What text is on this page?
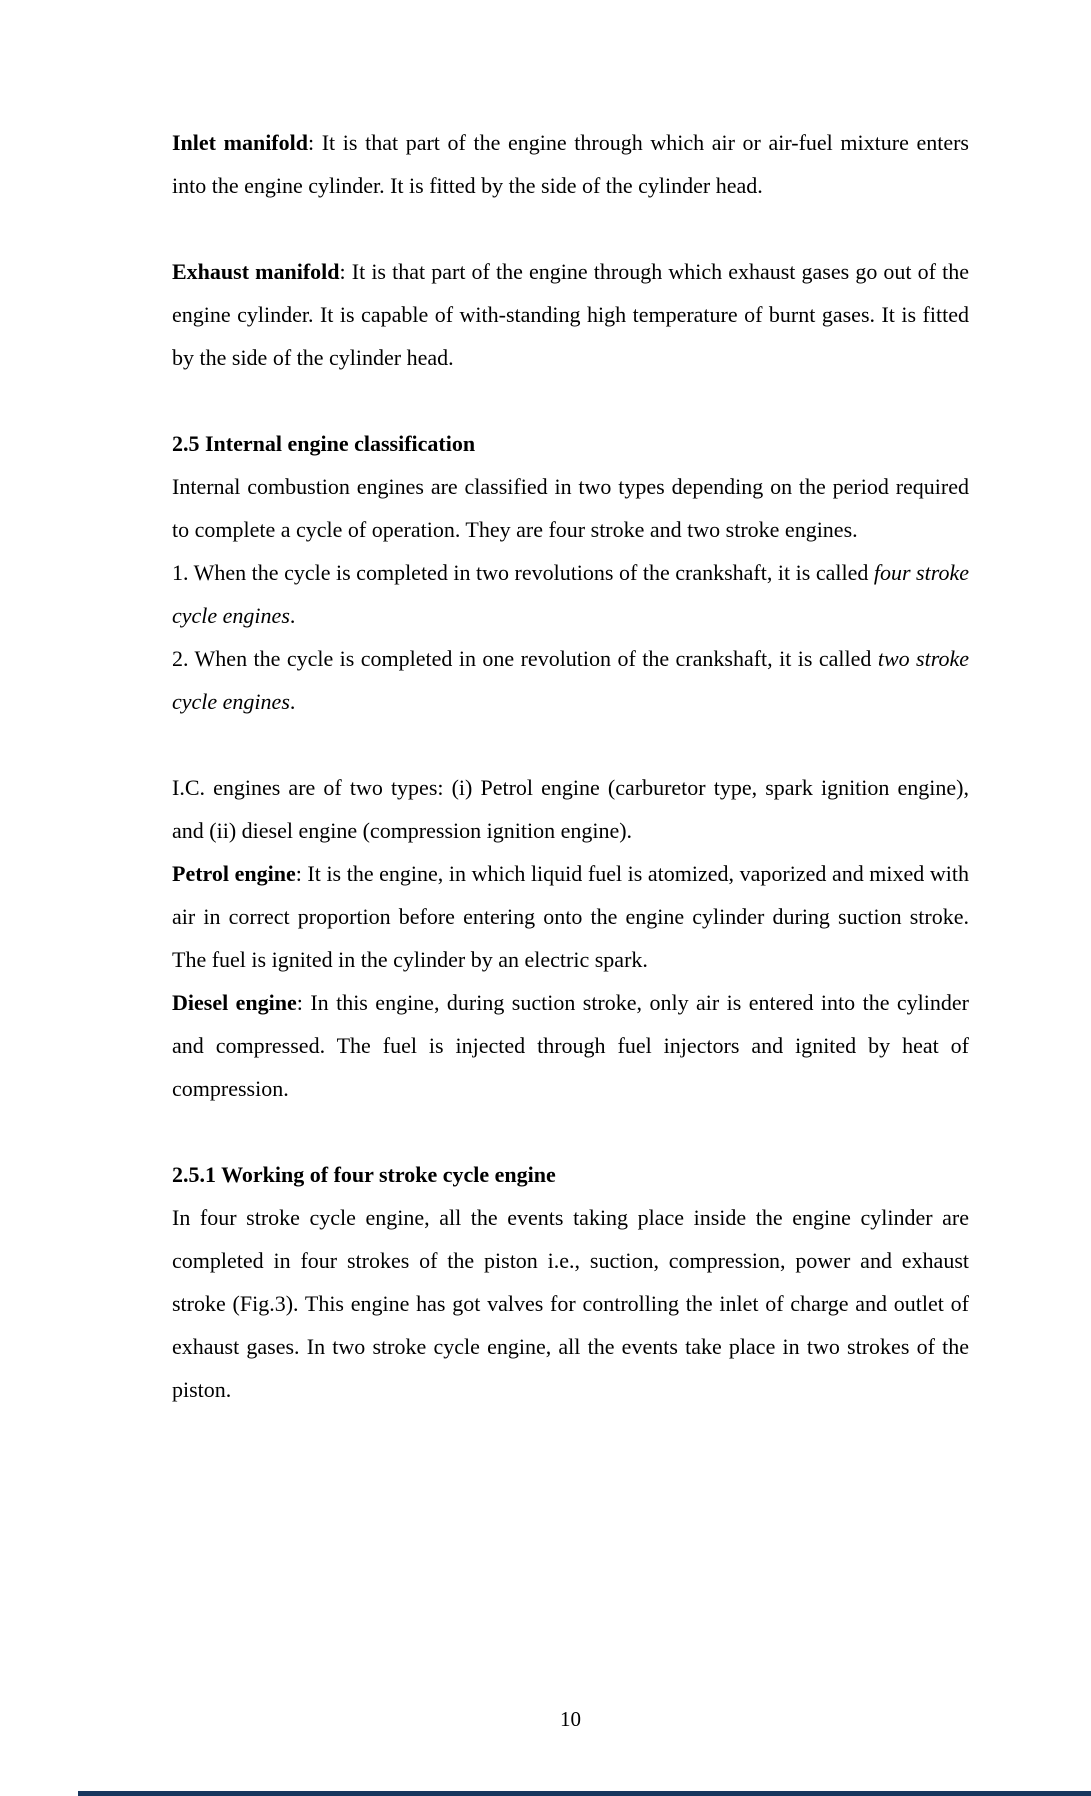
Inlet manifold: It is that part of the engine through which air or air-fuel mixture enters into the engine cylinder. It is fitted by the side of the cylinder head.

Exhaust manifold: It is that part of the engine through which exhaust gases go out of the engine cylinder. It is capable of with-standing high temperature of burnt gases. It is fitted by the side of the cylinder head.

2.5 Internal engine classification

Internal combustion engines are classified in two types depending on the period required to complete a cycle of operation. They are four stroke and two stroke engines.

1. When the cycle is completed in two revolutions of the crankshaft, it is called four stroke cycle engines.

2. When the cycle is completed in one revolution of the crankshaft, it is called two stroke cycle engines.

I.C. engines are of two types: (i) Petrol engine (carburetor type, spark ignition engine), and (ii) diesel engine (compression ignition engine).

Petrol engine: It is the engine, in which liquid fuel is atomized, vaporized and mixed with air in correct proportion before entering onto the engine cylinder during suction stroke. The fuel is ignited in the cylinder by an electric spark.

Diesel engine: In this engine, during suction stroke, only air is entered into the cylinder and compressed. The fuel is injected through fuel injectors and ignited by heat of compression.

2.5.1 Working of four stroke cycle engine

In four stroke cycle engine, all the events taking place inside the engine cylinder are completed in four strokes of the piston i.e., suction, compression, power and exhaust stroke (Fig.3). This engine has got valves for controlling the inlet of charge and outlet of exhaust gases. In two stroke cycle engine, all the events take place in two strokes of the piston.

10
